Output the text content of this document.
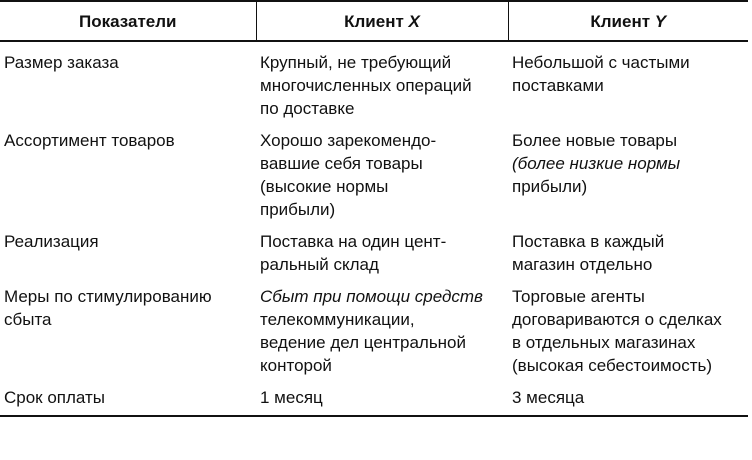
Показатели	Клиент X	Клиент Y

Размер заказа	Крупный, не требующий
многочисленных операций
по доставке	Небольшой с частыми
поставками

Ассортимент товаров	Хорошо зарекомендо-
вавшие себя товары
(высокие нормы
прибыли)	Более новые товары
(более низкие нормы
прибыли)

Реализация	Поставка на один цент-
ральный склад	Поставка в каждый
магазин отдельно

Меры по стимулированию
сбыта	Сбыт при помощи средств
телекоммуникации,
ведение дел центральной
конторой	Торговые агенты
договариваются о сделках
в отдельных магазинах
(высокая себестоимость)

Срок оплаты	1 месяц	3 месяца
